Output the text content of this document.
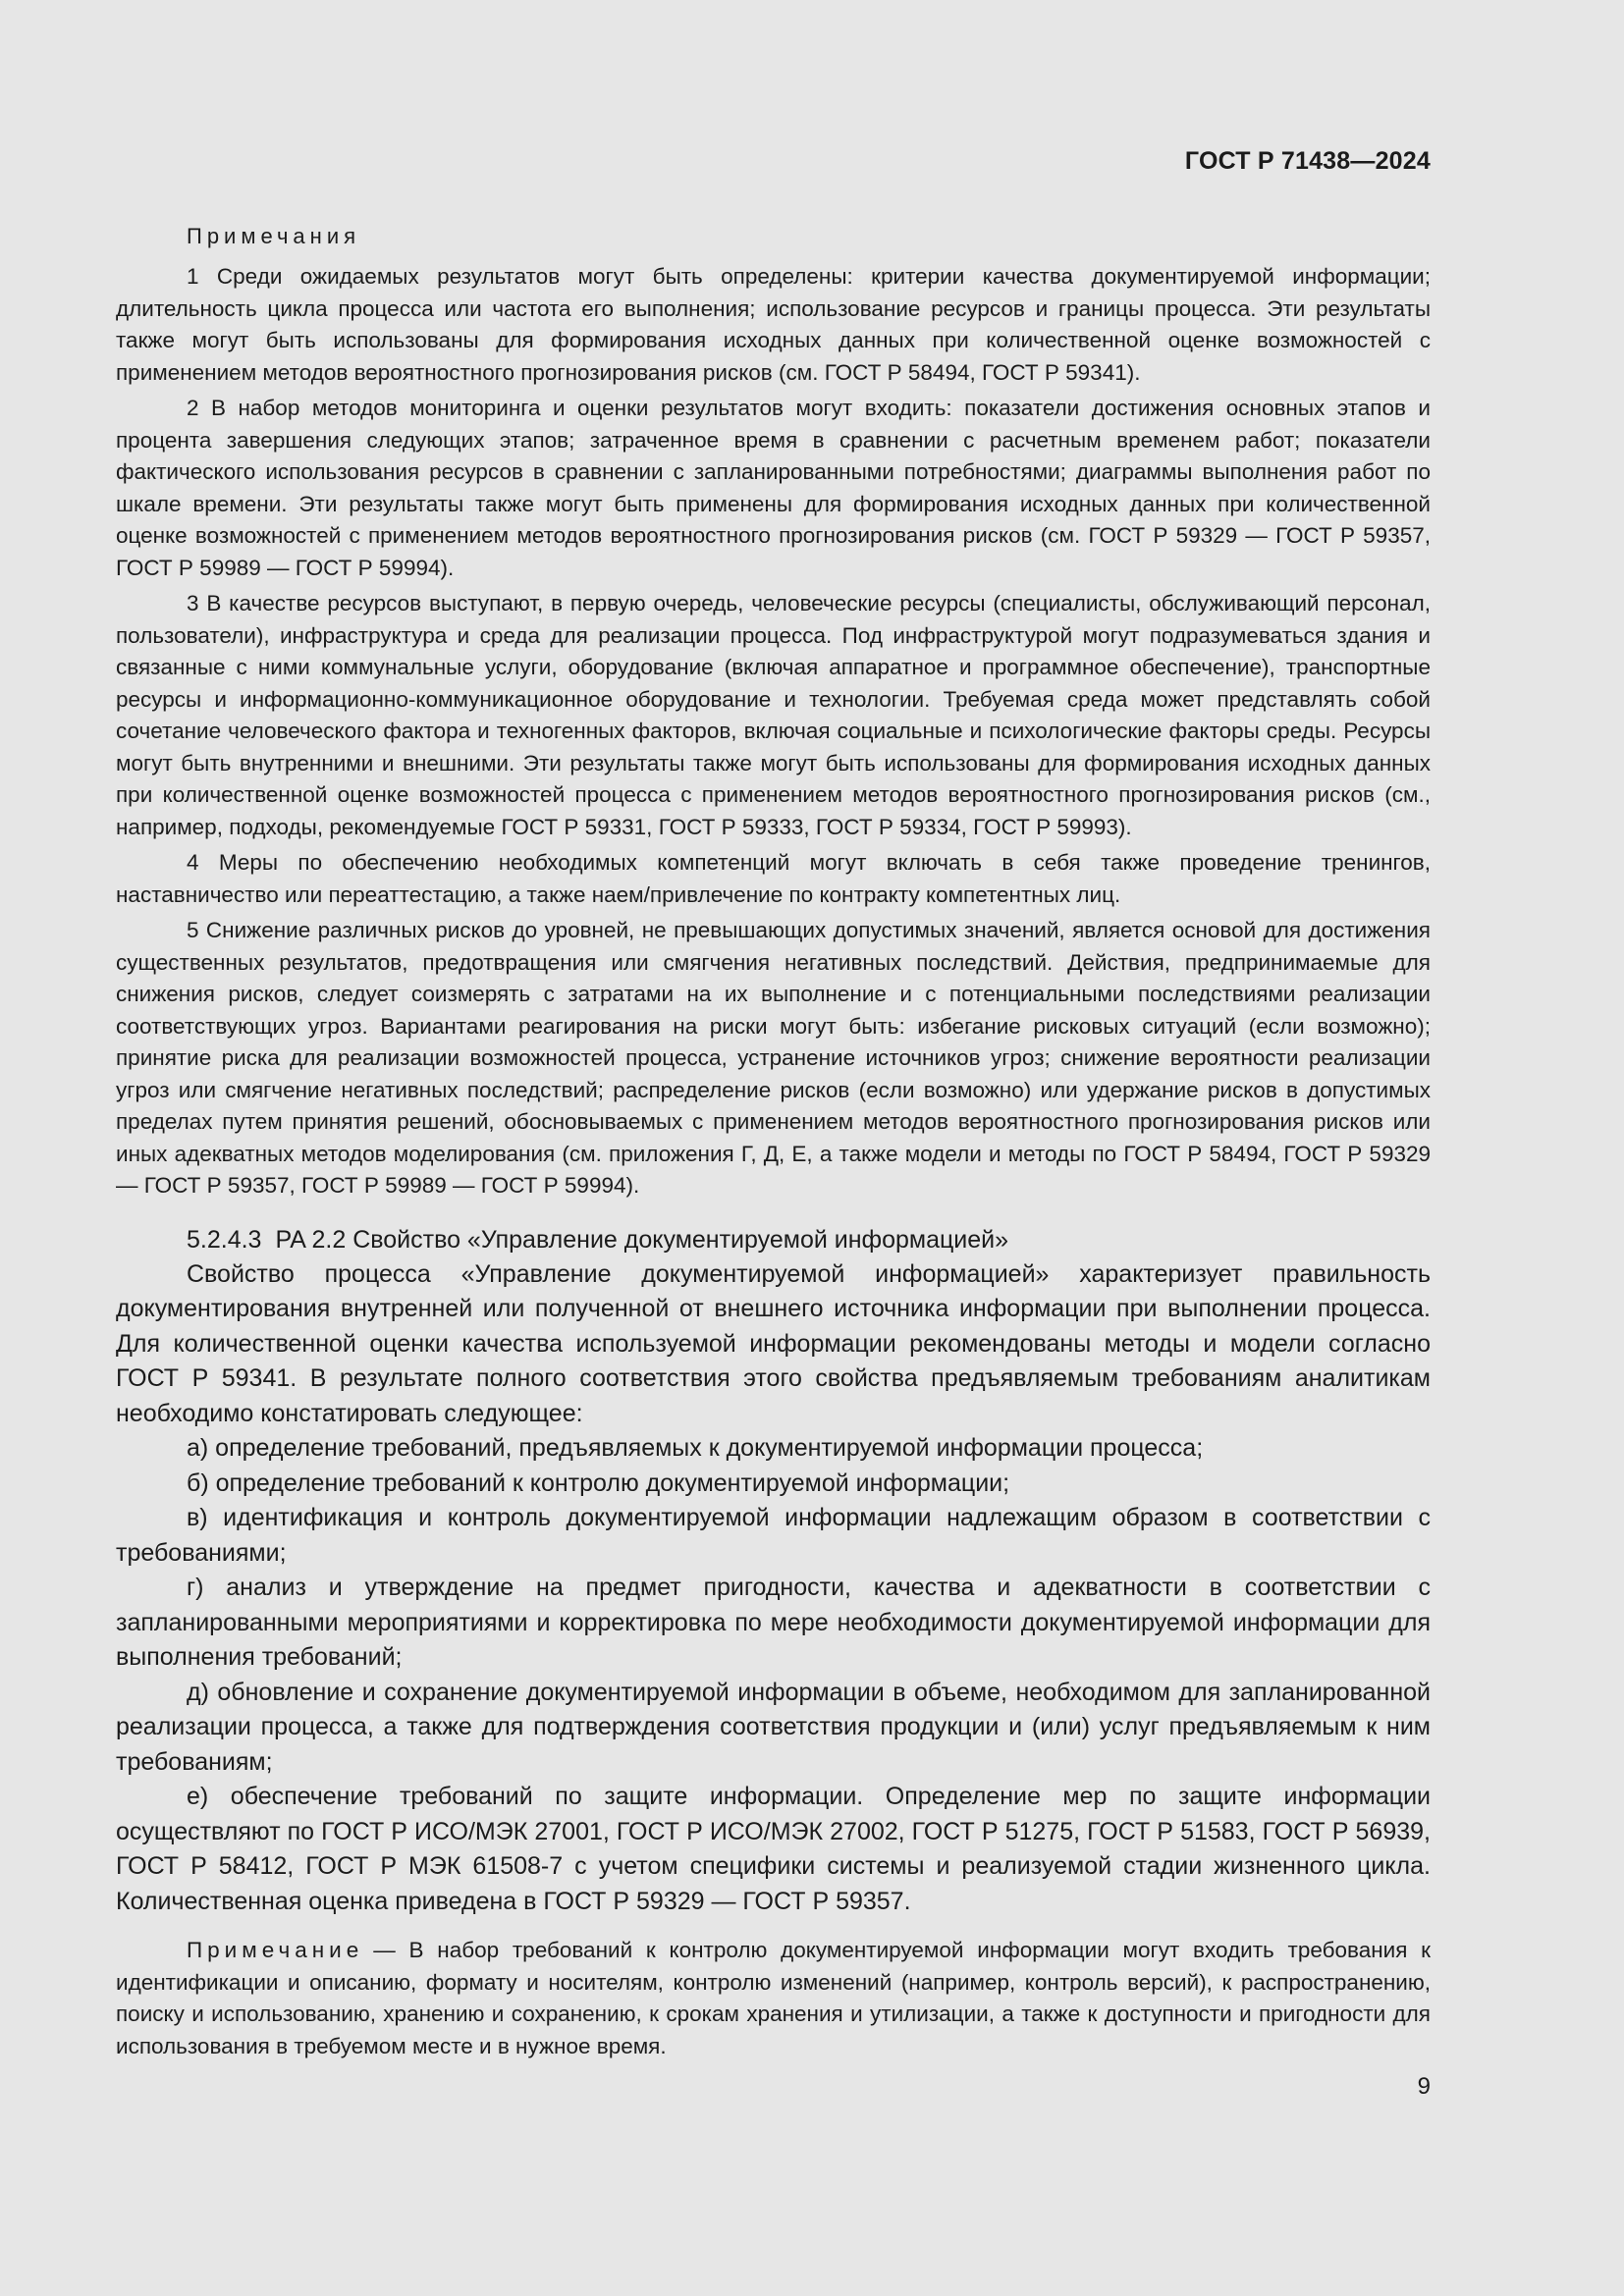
ГОСТ Р 71438—2024
Примечания

1 Среди ожидаемых результатов могут быть определены: критерии качества документируемой информации; длительность цикла процесса или частота его выполнения; использование ресурсов и границы процесса. Эти результаты также могут быть использованы для формирования исходных данных при количественной оценке возможностей с применением методов вероятностного прогнозирования рисков (см. ГОСТ Р 58494, ГОСТ Р 59341).

2 В набор методов мониторинга и оценки результатов могут входить: показатели достижения основных этапов и процента завершения следующих этапов; затраченное время в сравнении с расчетным временем работ; показатели фактического использования ресурсов в сравнении с запланированными потребностями; диаграммы выполнения работ по шкале времени. Эти результаты также могут быть применены для формирования исходных данных при количественной оценке возможностей с применением методов вероятностного прогнозирования рисков (см. ГОСТ Р 59329 — ГОСТ Р 59357, ГОСТ Р 59989 — ГОСТ Р 59994).

3 В качестве ресурсов выступают, в первую очередь, человеческие ресурсы (специалисты, обслуживающий персонал, пользователи), инфраструктура и среда для реализации процесса. Под инфраструктурой могут подразумеваться здания и связанные с ними коммунальные услуги, оборудование (включая аппаратное и программное обеспечение), транспортные ресурсы и информационно-коммуникационное оборудование и технологии. Требуемая среда может представлять собой сочетание человеческого фактора и техногенных факторов, включая социальные и психологические факторы среды. Ресурсы могут быть внутренними и внешними. Эти результаты также могут быть использованы для формирования исходных данных при количественной оценке возможностей процесса с применением методов вероятностного прогнозирования рисков (см., например, подходы, рекомендуемые ГОСТ Р 59331, ГОСТ Р 59333, ГОСТ Р 59334, ГОСТ Р 59993).

4 Меры по обеспечению необходимых компетенций могут включать в себя также проведение тренингов, наставничество или переаттестацию, а также наем/привлечение по контракту компетентных лиц.

5 Снижение различных рисков до уровней, не превышающих допустимых значений, является основой для достижения существенных результатов, предотвращения или смягчения негативных последствий. Действия, предпринимаемые для снижения рисков, следует соизмерять с затратами на их выполнение и с потенциальными последствиями реализации соответствующих угроз. Вариантами реагирования на риски могут быть: избегание рисковых ситуаций (если возможно); принятие риска для реализации возможностей процесса, устранение источников угроз; снижение вероятности реализации угроз или смягчение негативных последствий; распределение рисков (если возможно) или удержание рисков в допустимых пределах путем принятия решений, обосновываемых с применением методов вероятностного прогнозирования рисков или иных адекватных методов моделирования (см. приложения Г, Д, Е, а также модели и методы по ГОСТ Р 58494, ГОСТ Р 59329 — ГОСТ Р 59357, ГОСТ Р 59989 — ГОСТ Р 59994).

5.2.4.3 PA 2.2 Свойство «Управление документируемой информацией»

Свойство процесса «Управление документируемой информацией» характеризует правильность документирования внутренней или полученной от внешнего источника информации при выполнении процесса. Для количественной оценки качества используемой информации рекомендованы методы и модели согласно ГОСТ Р 59341. В результате полного соответствия этого свойства предъявляемым требованиям аналитикам необходимо констатировать следующее:

а) определение требований, предъявляемых к документируемой информации процесса;

б) определение требований к контролю документируемой информации;

в) идентификация и контроль документируемой информации надлежащим образом в соответствии с требованиями;

г) анализ и утверждение на предмет пригодности, качества и адекватности в соответствии с запланированными мероприятиями и корректировка по мере необходимости документируемой информации для выполнения требований;

д) обновление и сохранение документируемой информации в объеме, необходимом для запланированной реализации процесса, а также для подтверждения соответствия продукции и (или) услуг предъявляемым к ним требованиям;

е) обеспечение требований по защите информации. Определение мер по защите информации осуществляют по ГОСТ Р ИСО/МЭК 27001, ГОСТ Р ИСО/МЭК 27002, ГОСТ Р 51275, ГОСТ Р 51583, ГОСТ Р 56939, ГОСТ Р 58412, ГОСТ Р МЭК 61508-7 с учетом специфики системы и реализуемой стадии жизненного цикла. Количественная оценка приведена в ГОСТ Р 59329 — ГОСТ Р 59357.

Примечание — В набор требований к контролю документируемой информации могут входить требования к идентификации и описанию, формату и носителям, контролю изменений (например, контроль версий), к распространению, поиску и использованию, хранению и сохранению, к срокам хранения и утилизации, а также к доступности и пригодности для использования в требуемом месте и в нужное время.

9
